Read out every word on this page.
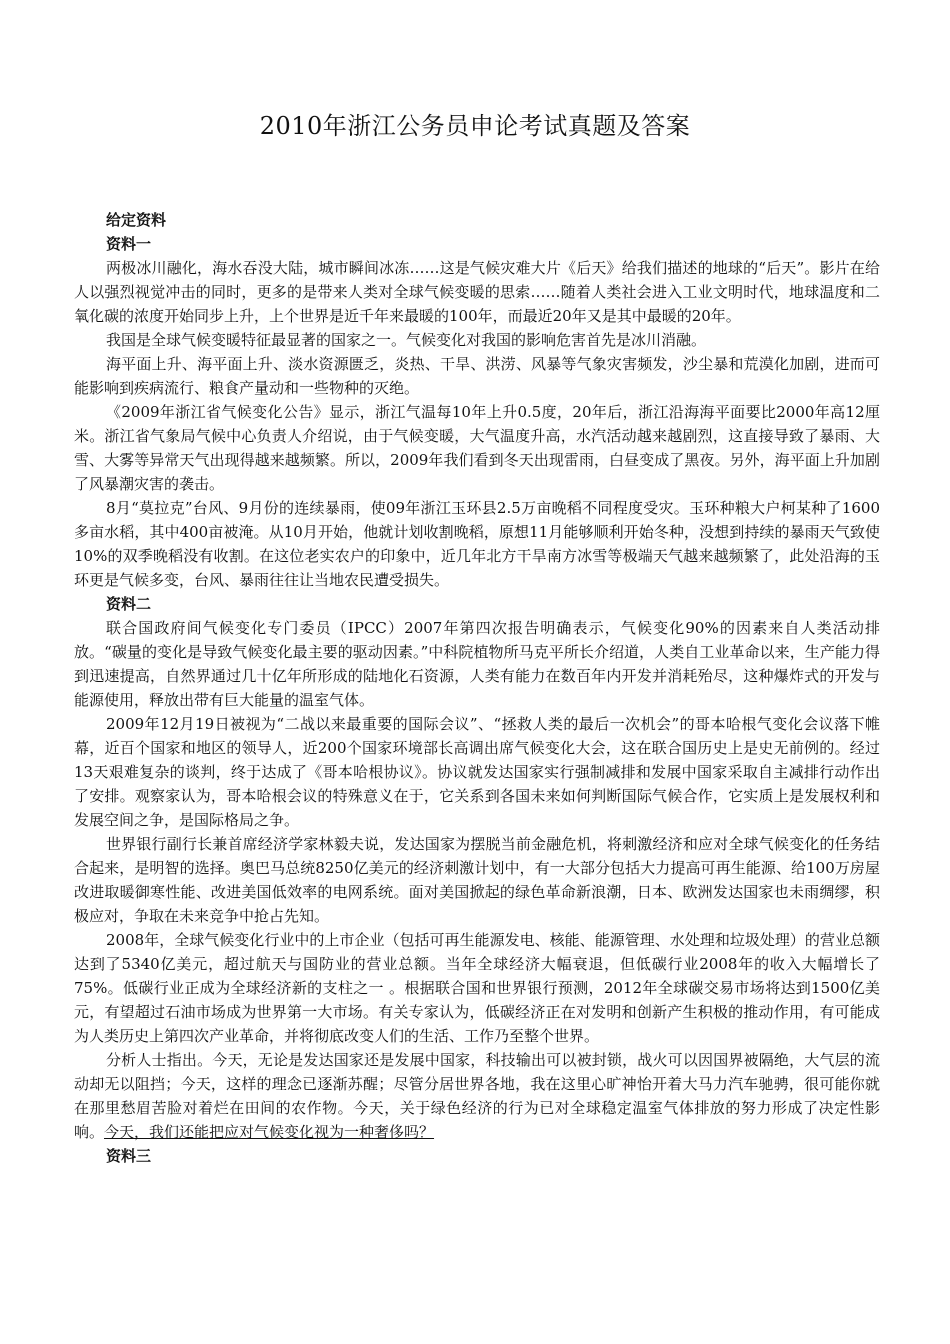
2010年浙江公务员申论考试真题及答案
给定资料
资料一

两极冰川融化，海水吞没大陆，城市瞬间冰冻……这是气候灾难大片《后天》给我们描述的地球的“后天”。影片在给人以强烈视觉冲击的同时，更多的是带来人类对全球气候变暖的思索……随着人类社会进入工业文明时代，地球温度和二氧化碳的浓度开始同步上升，上个世界是近千年来最暖的100年，而最近20年又是其中最暖的20年。

我国是全球气候变暖特征最显著的国家之一。气候变化对我国的影响危害首先是冰川消融。

海平面上升、海平面上升、淡水资源匮乏，炎热、干旱、洪涝、风暴等气象灾害频发，沙尘暴和荒漠化加剧，进而可能影响到疾病流行、粮食产量动和一些物种的灭绝。

《2009年浙江省气候变化公告》显示，浙江气温每10年上升0.5度，20年后，浙江沿海海平面要比2000年高12厘米。浙江省气象局气候中心负责人介绍说，由于气候变暖，大气温度升高，水汽活动越来越剧烈，这直接导致了暴雨、大雪、大雾等异常天气出现得越来越频繁。所以，2009年我们看到冬天出现雷雨，白昼变成了黑夜。另外，海平面上升加剧了风暴潮灾害的袭击。

8月“莫拉克”台风、9月份的连续暴雨，使09年浙江玉环县2.5万亩晚稻不同程度受灾。玉环种粮大户柯某种了1600多亩水稻，其中400亩被淹。从10月开始，他就计划收割晚稻，原想11月能够顺利开始冬种，没想到持续的暴雨天气致使10%的双季晚稻没有收割。在这位老实农户的印象中，近几年北方干旱南方冰雪等极端天气越来越频繁了，此处沿海的玉环更是气候多变，台风、暴雨往往让当地农民遭受损失。

资料二

联合国政府间气候变化专门委员（IPCC）2007年第四次报告明确表示，气候变化90%的因素来自人类活动排放。“碳量的变化是导致气候变化最主要的驱动因素。”中科院植物所马克平所长介绍道，人类自工业革命以来，生产能力得到迅速提高，自然界通过几十亿年所形成的陆地化石资源，人类有能力在数百年内开发并消耗殆尽，这种爆炸式的开发与能源使用，释放出带有巨大能量的温室气体。

2009年12月19日被视为“二战以来最重要的国际会议”、“拯救人类的最后一次机会”的哥本哈根气变化会议落下帷幕，近百个国家和地区的领导人，近200个国家环境部长高调出席气候变化大会，这在联合国历史上是史无前例的。经过13天艰难复杂的谈判，终于达成了《哥本哈根协议》。协议就发达国家实行强制减排和发展中国家采取自主减排行动作出了安排。观察家认为，哥本哈根会议的特殊意义在于，它关系到各国未来如何判断国际气候合作，它实质上是发展权利和发展空间之争，是国际格局之争。

世界银行副行长兼首席经济学家林毅夫说，发达国家为摆脱当前金融危机，将刺激经济和应对全球气候变化的任务结合起来，是明智的选择。奥巴马总统8250亿美元的经济刺激计划中，有一大部分包括大力提高可再生能源、给100万房屋改进取暖御寒性能、改进美国低效率的电网系统。面对美国掀起的绿色革命新浪潮，日本、欧洲发达国家也未雨绸缪，积极应对，争取在未来竞争中抢占先知。

2008年，全球气候变化行业中的上市企业（包括可再生能源发电、核能、能源管理、水处理和垃圾处理）的营业总额达到了5340亿美元，超过航天与国防业的营业总额。当年全球经济大幅衰退，但低碳行业2008年的收入大幅增长了75%。低碳行业正成为全球经济新的支柱之一 。根据联合国和世界银行预测，2012年全球碳交易市场将达到1500亿美元，有望超过石油市场成为世界第一大市场。有关专家认为，低碳经济正在对发明和创新产生积极的推动作用，有可能成为人类历史上第四次产业革命，并将彻底改变人们的生活、工作乃至整个世界。

分析人士指出。今天，无论是发达国家还是发展中国家，科技输出可以被封锁，战火可以因国界被隔绝，大气层的流动却无以阻挡；今天，这样的理念已逐渐苏醒；尽管分居世界各地，我在这里心旷神怡开着大马力汽车驰骋，很可能你就在那里愁眉苦脸对着烂在田间的农作物。今天，关于绿色经济的行为已对全球稳定温室气体排放的努力形成了决定性影响。今天，我们还能把应对气候变化视为一种奢侈吗？

资料三
